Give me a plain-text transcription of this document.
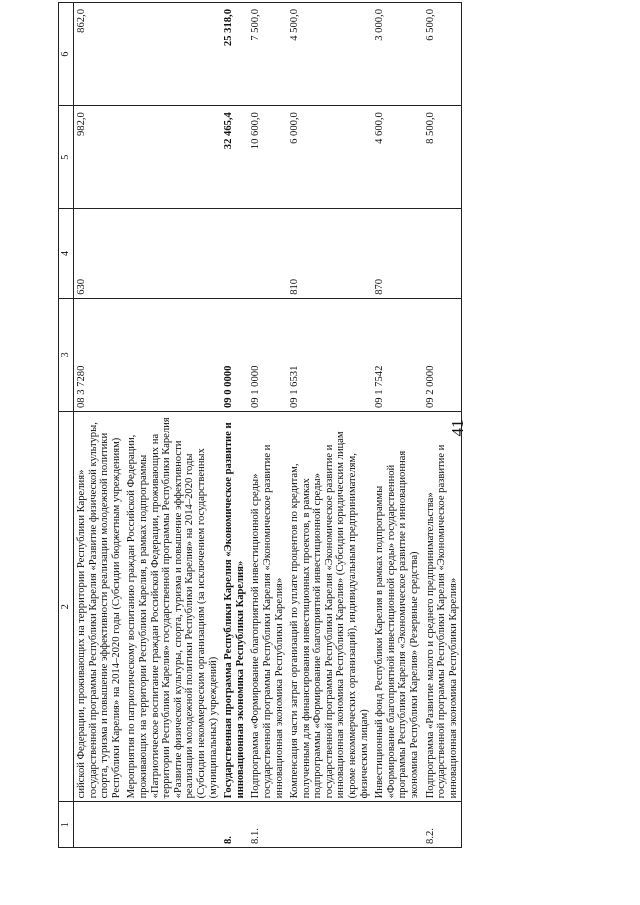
41
1	2	3	4	5	6
	сийской Федерации, проживающих на территории Республики Карелия» государственной программы Республики Карелия «Развитие физической культуры, спорта, туризма и повышение эффективности реализации молодежной политики Республики Карелия» на 2014–2020 годы (Субсидии бюджетным учреждениям)	08 3 7280	630	982,0	862,0
	Мероприятия по патриотическому воспитанию граждан Российской Федерации, проживающих на территории Республики Карелия, в рамках подпрограммы «Патриотическое воспитание граждан Российской Федерации, проживающих на территории Республики Карелия» государственной программы Республики Карелия «Развитие физической культуры, спорта, туризма и повышение эффективности реализации молодежной политики Республики Карелия» на 2014–2020 годы (Субсидии некоммерческим организациям (за исключением государственных (муниципальных) учреждений)				
8.	Государственная программа Республики Карелия «Экономическое развитие и инновационная экономика Республики Карелия»	09 0 0000		32 465,4	25 318,0
8.1.	Подпрограмма «Формирование благоприятной инвестиционной среды» государственной программы Республики Карелия «Экономическое развитие и инновационная экономика Республики Карелия»	09 1 0000		10 600,0	7 500,0
	Компенсация части затрат организаций по уплате процентов по кредитам, полученным для финансирования инвестиционных проектов, в рамках подпрограммы «Формирование благоприятной инвестиционной среды» государственной программы Республики Карелия «Экономическое развитие и инновационная экономика Республики Карелия» (Субсидии юридическим лицам (кроме некоммерческих организаций), индивидуальным предпринимателям, физическим лицам)	09 1 6531	810	6 000,0	4 500,0
	Инвестиционный фонд Республики Карелия в рамках подпрограммы «Формирование благоприятной инвестиционной среды» государственной программы Республики Карелия «Экономическое развитие и инновационная экономика Республики Карелия» (Резервные средства)	09 1 7542	870	4 600,0	3 000,0
8.2.	Подпрограмма «Развитие малого и среднего предпринимательства» государственной программы Республики Карелия «Экономическое развитие и инновационная экономика Республики Карелия»	09 2 0000		8 500,0	6 500,0
